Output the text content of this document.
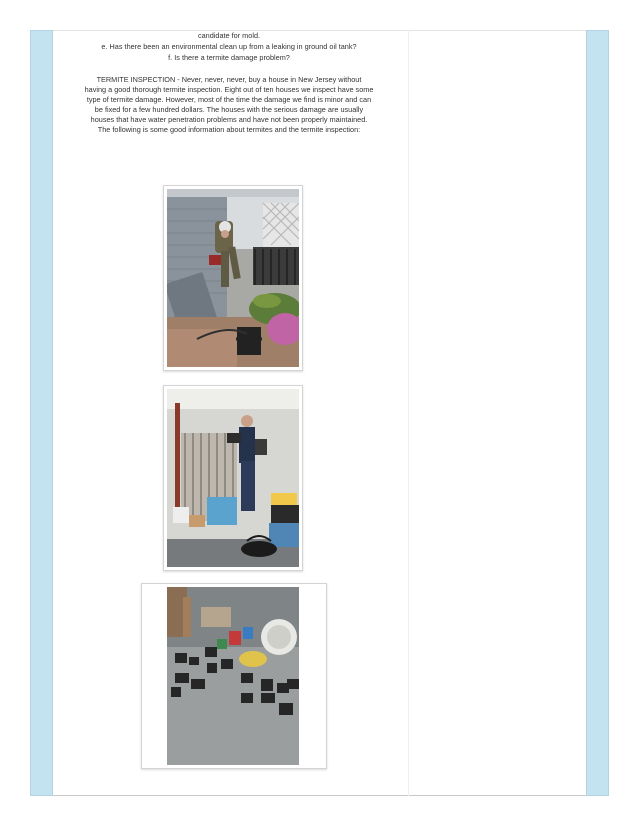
candidate for mold.
e. Has there been an environmental clean up from a leaking in ground oil tank?
f. Is there a termite damage problem?
TERMITE INSPECTION - Never, never, never, buy a house in New Jersey without
having a good thorough termite inspection. Eight out of ten houses we inspect have some
type of termite damage. However, most of the time the damage we find is minor and can
be fixed for a few hundred dollars. The houses with the serious damage are usually
houses that have water penetration problems and have not been properly maintained.
The following is some good information about termites and the termite inspection:
